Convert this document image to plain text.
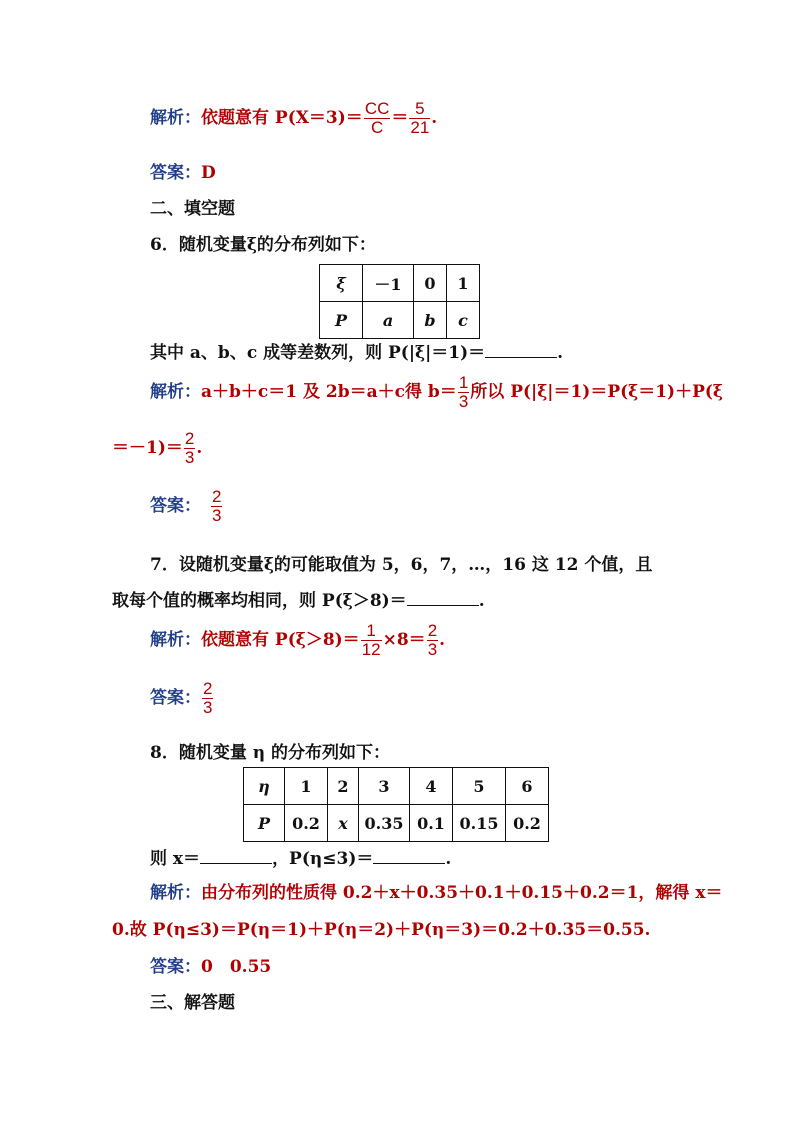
解析：依题意有 $P(X=3)= \frac{CC}{C} = \frac{5}{21}$ .
答案：D
二、填空题
6．随机变量ξ的分布列如下：
ξ	－1	0	1
P	a	b	c
其中 a、b、c 成等差数列，则 P(|ξ|＝1)＝	.
解析：a＋b＋c＝1 及 2b＝a＋c得 $b= \frac{1}{3}$ 所以 P(|ξ|＝1)＝P(ξ＝1)＋P(ξ
$=-1)= \frac{2}{3}$ .
答案： $\frac{2}{3}$
7．设随机变量ξ的可能取值为 5，6，7，…，16 这 12 个值，且
取每个值的概率均相同，则 P(ξ＞8)＝	.
解析：依题意有 $P(\xi>8)= \frac{1}{12} \times 8= \frac{2}{3}$ .
答案： $\frac{2}{3}$
8．随机变量 η 的分布列如下：
η	1	2	3	4	5	6
P	0.2	x	0.35	0.1	0.15	0.2
则 x＝	，P(η≤3)＝	.
解析：由分布列的性质得 0.2＋x＋0.35＋0.1＋0.15＋0.2＝1，解得 x＝
0.故 P(η≤3)＝P(η＝1)＋P(η＝2)＋P(η＝3)＝0.2＋0.35＝0.55.
答案：0　0.55
三、解答题
